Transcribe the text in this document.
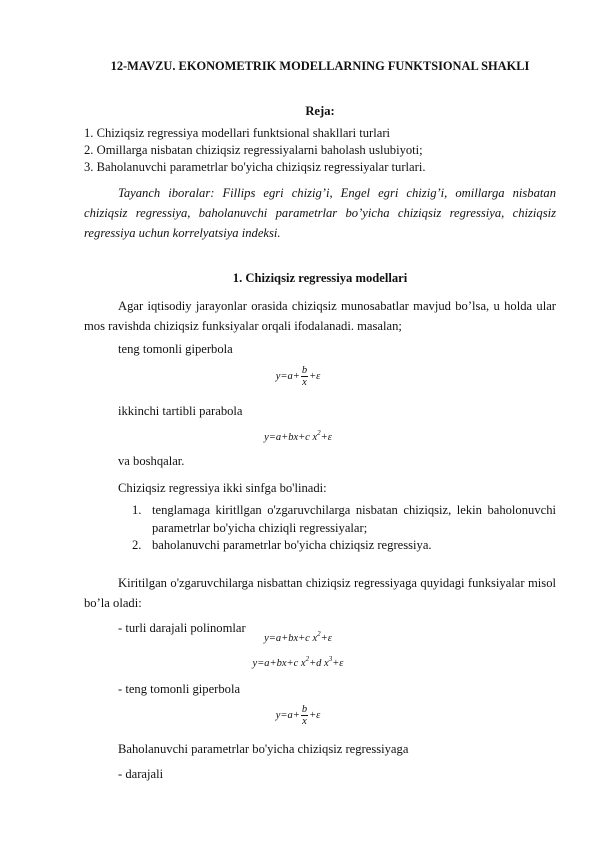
12-MAVZU. EKONOMETRIK MODELLARNING FUNKTSIONAL SHAKLI
Reja:
1. Chiziqsiz regressiya modellari funktsional shakllari turlari
2. Omillarga nisbatan chiziqsiz regressiyalarni baholash uslubiyoti;
3. Baholanuvchi parametrlar bo'yicha chiziqsiz regressiyalar turlari.
Tayanch iboralar: Fillips egri chizig’i, Engel egri chizig’i, omillarga nisbatan chiziqsiz regressiya, baholanuvchi parametrlar bo’yicha chiziqsiz regressiya, chiziqsiz regressiya uchun korrelyatsiya indeksi.
1. Chiziqsiz regressiya modellari
Agar iqtisodiy jarayonlar orasida chiziqsiz munosabatlar mavjud bo’lsa, u holda ular mos ravishda chiziqsiz funksiyalar orqali ifodalanadi. masalan;
teng tomonli giperbola
$y=a+ \frac{b}{x} +\varepsilon$
ikkinchi tartibli parabola
y=a+bx+c $x^2+\varepsilon$
va boshqalar.
Chiziqsiz regressiya ikki sinfga bo'linadi:
1. tenglamaga kiritllgan o'zgaruvchilarga nisbatan chiziqsiz, lekin baholonuvchi parametrlar bo'yicha chiziqli regressiyalar;
2. baholanuvchi parametrlar bo'yicha chiziqsiz regressiya.
Kiritilgan o'zgaruvchilarga nisbattan chiziqsiz regressiyaga quyidagi funksiyalar misol bo’la oladi:
- turli darajali polinomlar
y=a+bx+c $x^2+\varepsilon$
y=a+bx+c $x^2+d$ $x^3+\varepsilon$
- teng tomonli giperbola
$y=a+ \frac{b}{x} +\varepsilon$
Baholanuvchi parametrlar bo'yicha chiziqsiz regressiyaga
- darajali
